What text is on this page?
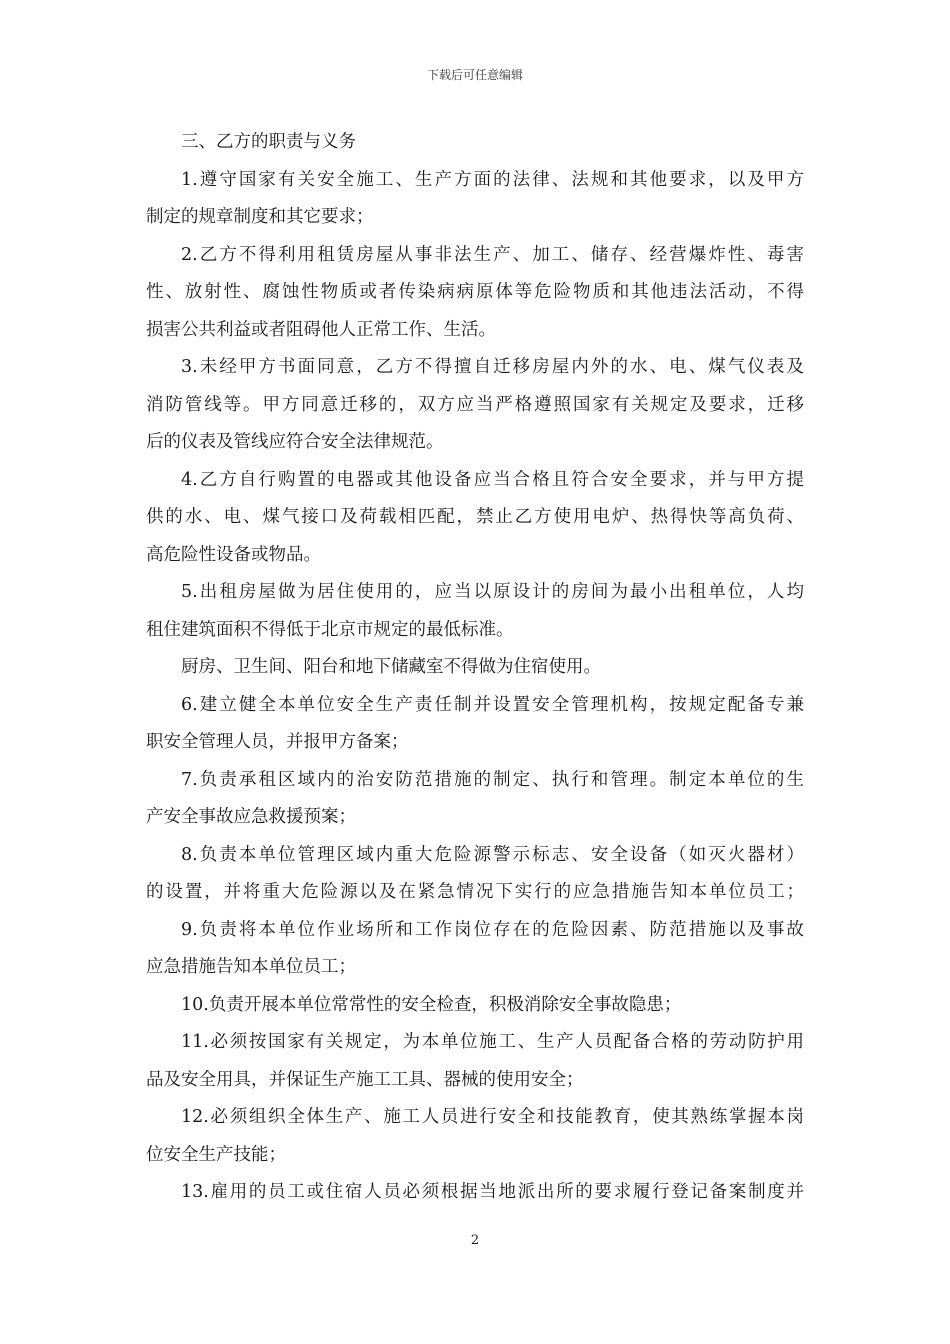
下载后可任意编辑
三、乙方的职责与义务
1.遵守国家有关安全施工、生产方面的法律、法规和其他要求，以及甲方
制定的规章制度和其它要求；
2.乙方不得利用租赁房屋从事非法生产、加工、储存、经营爆炸性、毒害
性、放射性、腐蚀性物质或者传染病病原体等危险物质和其他违法活动，不得
损害公共利益或者阻碍他人正常工作、生活。
3.未经甲方书面同意，乙方不得擅自迁移房屋内外的水、电、煤气仪表及
消防管线等。甲方同意迁移的，双方应当严格遵照国家有关规定及要求，迁移
后的仪表及管线应符合安全法律规范。
4.乙方自行购置的电器或其他设备应当合格且符合安全要求，并与甲方提
供的水、电、煤气接口及荷载相匹配，禁止乙方使用电炉、热得快等高负荷、
高危险性设备或物品。
5.出租房屋做为居住使用的，应当以原设计的房间为最小出租单位，人均
租住建筑面积不得低于北京市规定的最低标准。
厨房、卫生间、阳台和地下储藏室不得做为住宿使用。
6.建立健全本单位安全生产责任制并设置安全管理机构，按规定配备专兼
职安全管理人员，并报甲方备案；
7.负责承租区域内的治安防范措施的制定、执行和管理。制定本单位的生
产安全事故应急救援预案；
8.负责本单位管理区域内重大危险源警示标志、安全设备（如灭火器材）
的设置，并将重大危险源以及在紧急情况下实行的应急措施告知本单位员工；
9.负责将本单位作业场所和工作岗位存在的危险因素、防范措施以及事故
应急措施告知本单位员工；
10.负责开展本单位常常性的安全检查，积极消除安全事故隐患；
11.必须按国家有关规定，为本单位施工、生产人员配备合格的劳动防护用
品及安全用具，并保证生产施工工具、器械的使用安全；
12.必须组织全体生产、施工人员进行安全和技能教育，使其熟练掌握本岗
位安全生产技能；
13.雇用的员工或住宿人员必须根据当地派出所的要求履行登记备案制度并
2
